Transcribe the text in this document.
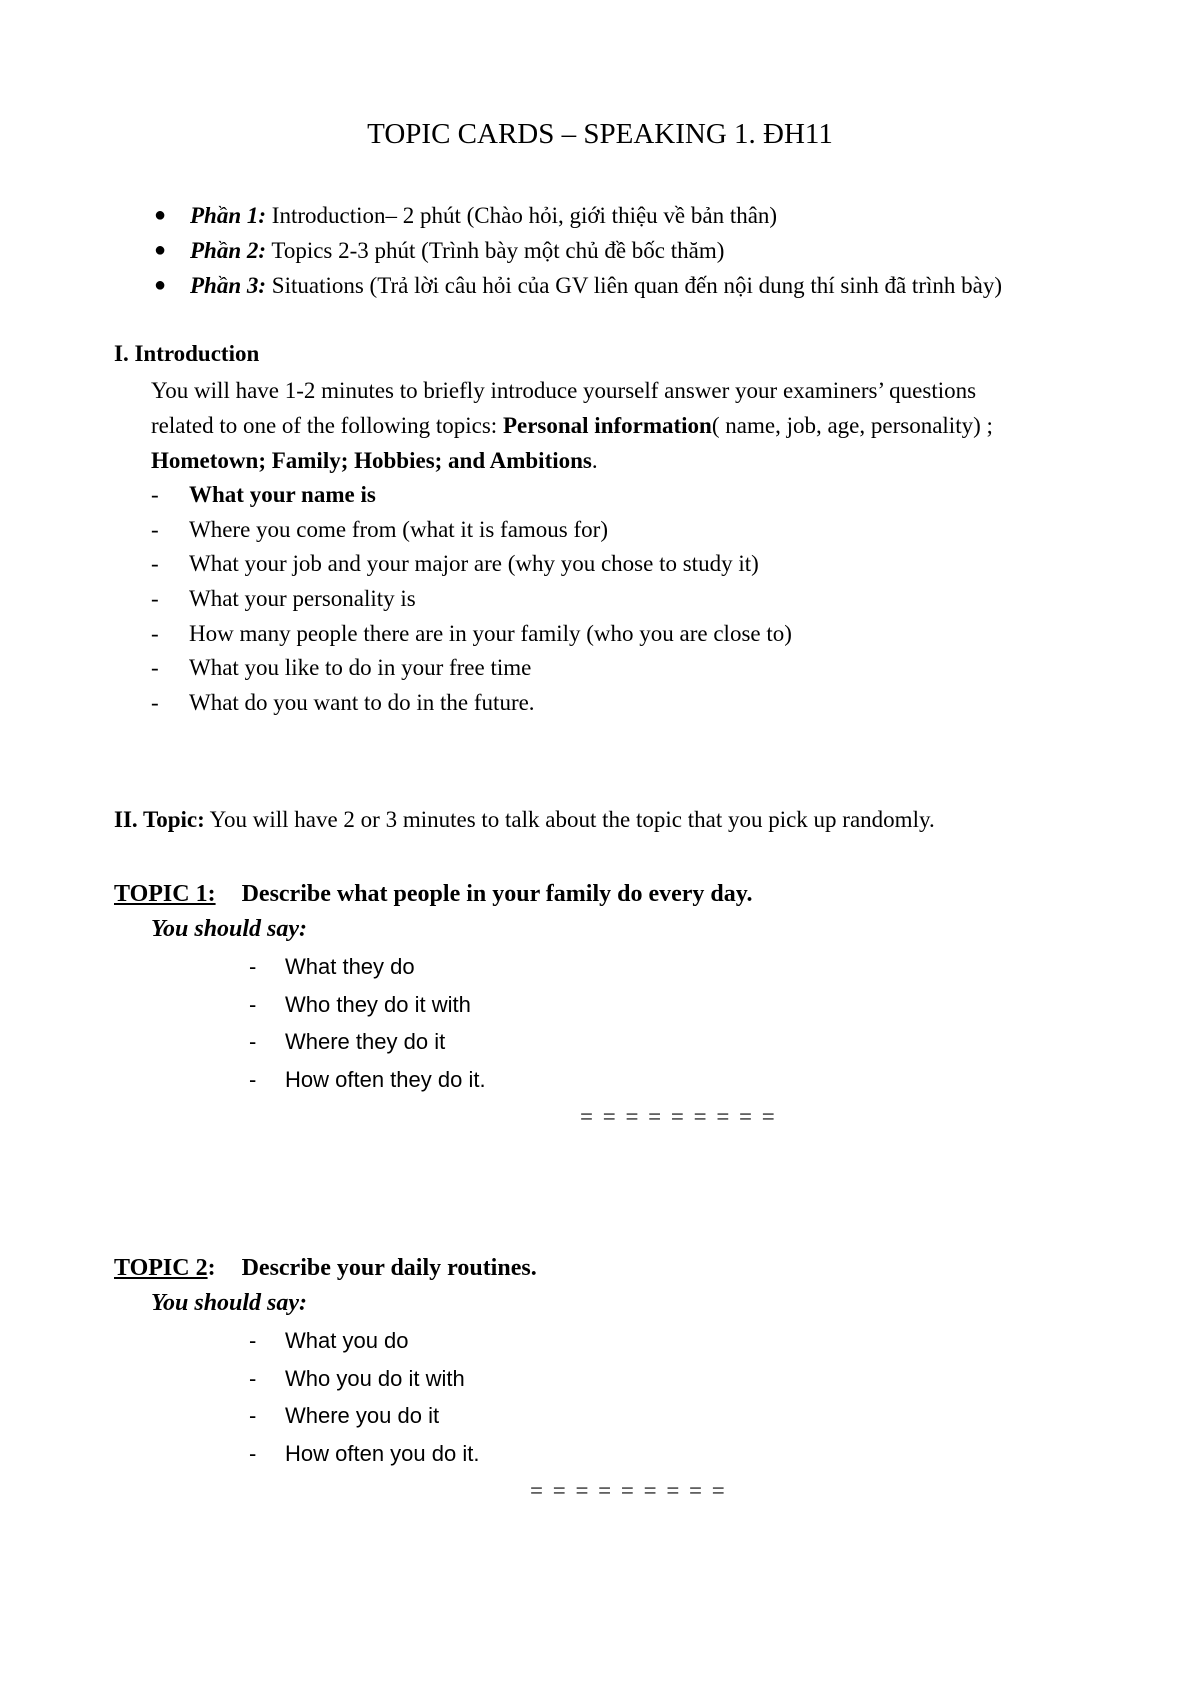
TOPIC CARDS – SPEAKING 1. ĐH11
● Phần 1: Introduction– 2 phút (Chào hỏi, giới thiệu về bản thân)
● Phần 2: Topics 2-3 phút (Trình bày một chủ đề bốc thăm)
● Phần 3: Situations (Trả lời câu hỏi của GV liên quan đến nội dung thí sinh đã trình bày)
I. Introduction
You will have 1-2 minutes to briefly introduce yourself answer your examiners’ questions
related to one of the following topics: Personal information( name, job, age, personality) ;
Hometown; Family; Hobbies; and Ambitions.
- What your name is
- Where you come from (what it is famous for)
- What your job and your major are (why you chose to study it)
- What your personality is
- How many people there are in your family (who you are close to)
- What you like to do in your free time
- What do you want to do in the future.
II. Topic: You will have 2 or 3 minutes to talk about the topic that you pick up randomly.
TOPIC 1: Describe what people in your family do every day.
You should say:
- What they do
- Who they do it with
- Where they do it
- How often they do it.
= = = = = = = = =
TOPIC 2: Describe your daily routines.
You should say:
- What you do
- Who you do it with
- Where you do it
- How often you do it.
= = = = = = = = =
